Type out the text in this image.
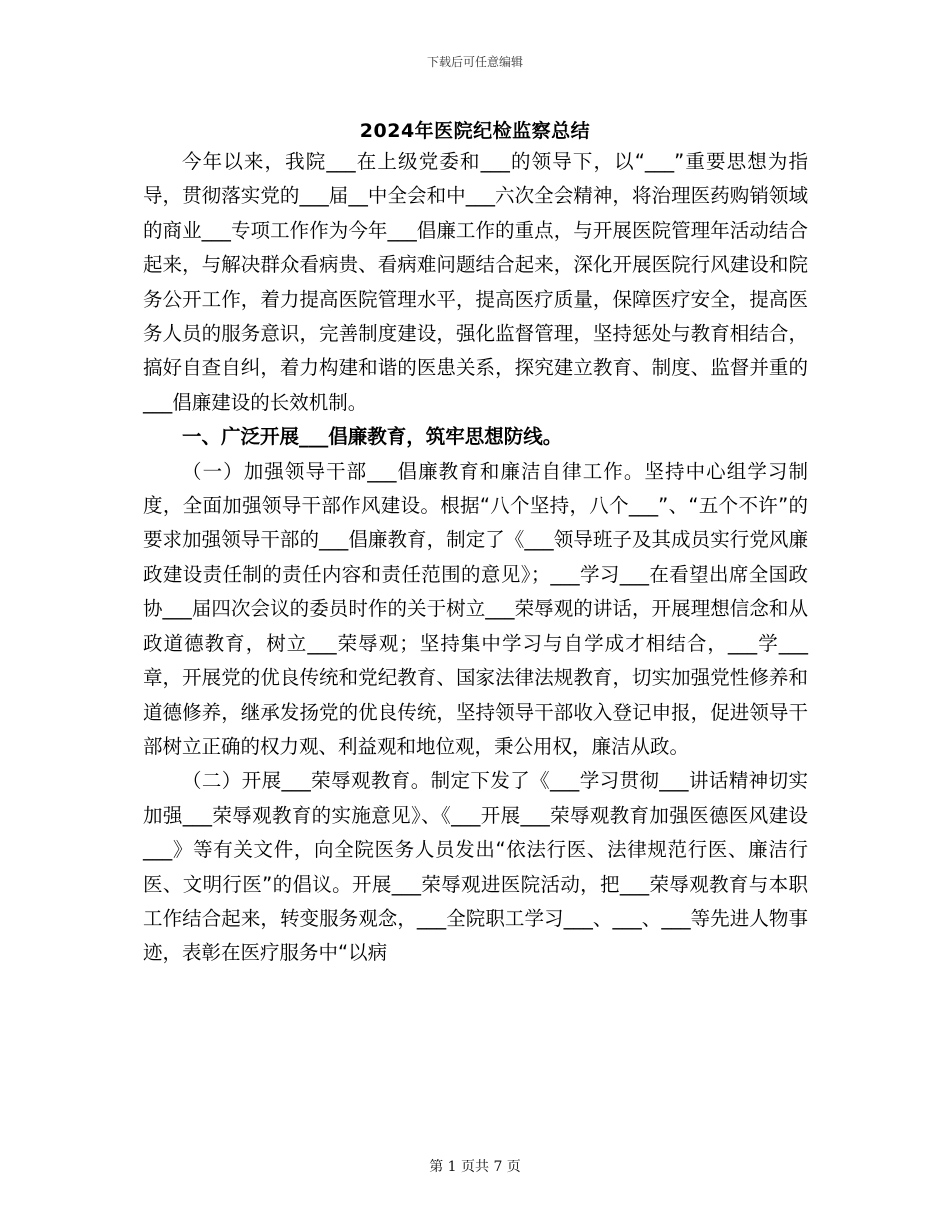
下载后可任意编辑
2024年医院纪检监察总结

今年以来，我院___在上级党委和___的领导下，以“___”重要思想为指导，贯彻落实党的___届__中全会和中___六次全会精神，将治理医药购销领域的商业___专项工作作为今年___倡廉工作的重点，与开展医院管理年活动结合起来，与解决群众看病贵、看病难问题结合起来，深化开展医院行风建设和院务公开工作，着力提高医院管理水平，提高医疗质量，保障医疗安全，提高医务人员的服务意识，完善制度建设，强化监督管理，坚持惩处与教育相结合，搞好自查自纠，着力构建和谐的医患关系，探究建立教育、制度、监督并重的___倡廉建设的长效机制。

一、广泛开展___倡廉教育，筑牢思想防线。

（一）加强领导干部___倡廉教育和廉洁自律工作。坚持中心组学习制度，全面加强领导干部作风建设。根据“八个坚持，八个___”、“五个不许”的要求加强领导干部的___倡廉教育，制定了《___领导班子及其成员实行党风廉政建设责任制的责任内容和责任范围的意见》；___学习___在看望出席全国政协___届四次会议的委员时作的关于树立___荣辱观的讲话，开展理想信念和从政道德教育，树立___荣辱观；坚持集中学习与自学成才相结合，___学___章，开展党的优良传统和党纪教育、国家法律法规教育，切实加强党性修养和道德修养，继承发扬党的优良传统，坚持领导干部收入登记申报，促进领导干部树立正确的权力观、利益观和地位观，秉公用权，廉洁从政。

（二）开展___荣辱观教育。制定下发了《___学习贯彻___讲话精神切实加强___荣辱观教育的实施意见》、《___开展___荣辱观教育加强医德医风建设___》等有关文件，向全院医务人员发出“依法行医、法律规范行医、廉洁行医、文明行医”的倡议。开展___荣辱观进医院活动，把___荣辱观教育与本职工作结合起来，转变服务观念，___全院职工学习___、___、___等先进人物事迹，表彰在医疗服务中“以病

第 1 页共 7 页
